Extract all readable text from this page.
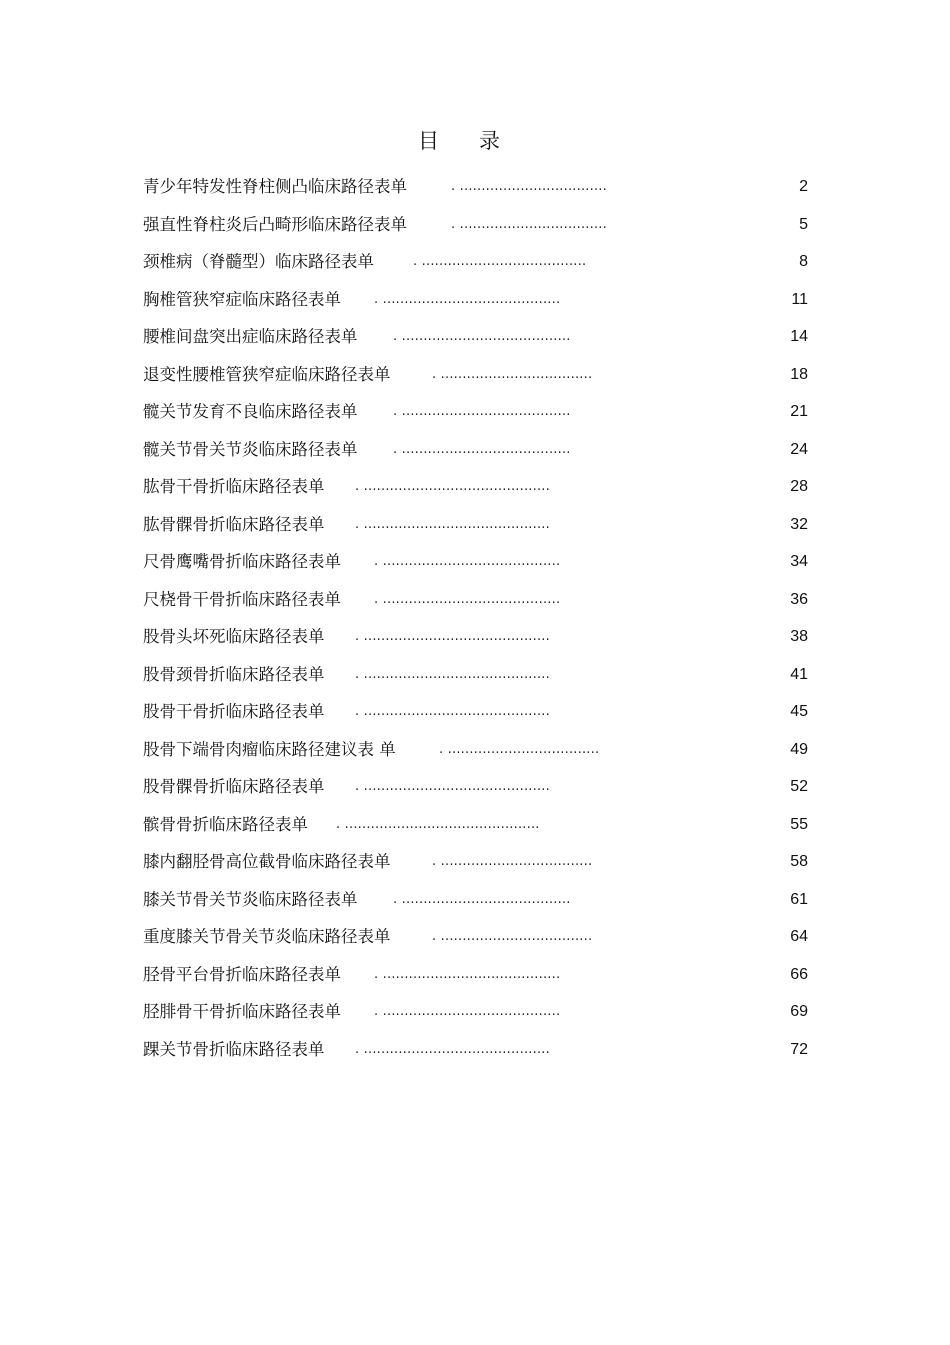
目      录
青少年特发性脊柱侧凸临床路径表单	. ..................................	2
强直性脊柱炎后凸畸形临床路径表单	. ..................................	5
颈椎病（脊髓型）临床路径表单	. ......................................	8
胸椎管狭窄症临床路径表单	. .........................................	11
腰椎间盘突出症临床路径表单	. .......................................	14
退变性腰椎管狭窄症临床路径表单	. ...................................	18
髋关节发育不良临床路径表单	. .......................................	21
髋关节骨关节炎临床路径表单	. .......................................	24
肱骨干骨折临床路径表单 . ...........................................	28
肱骨髁骨折临床路径表单 . ...........................................	32
尺骨鹰嘴骨折临床路径表单	. .........................................	34
尺桡骨干骨折临床路径表单	. .........................................	36
股骨头坏死临床路径表单 . ...........................................	38
股骨颈骨折临床路径表单 . ...........................................	41
股骨干骨折临床路径表单 . ...........................................	45
股骨下端骨肉瘤临床路径建议表 单	. ...................................	49
股骨髁骨折临床路径表单 . ...........................................	52
髌骨骨折临床路径表单 . .............................................	55
膝内翻胫骨高位截骨临床路径表单	. ...................................	58
膝关节骨关节炎临床路径表单	. .......................................	61
重度膝关节骨关节炎临床路径表单	. ...................................	64
胫骨平台骨折临床路径表单	. .........................................	66
胫腓骨干骨折临床路径表单	. .........................................	69
踝关节骨折临床路径表单 . ...........................................	72
